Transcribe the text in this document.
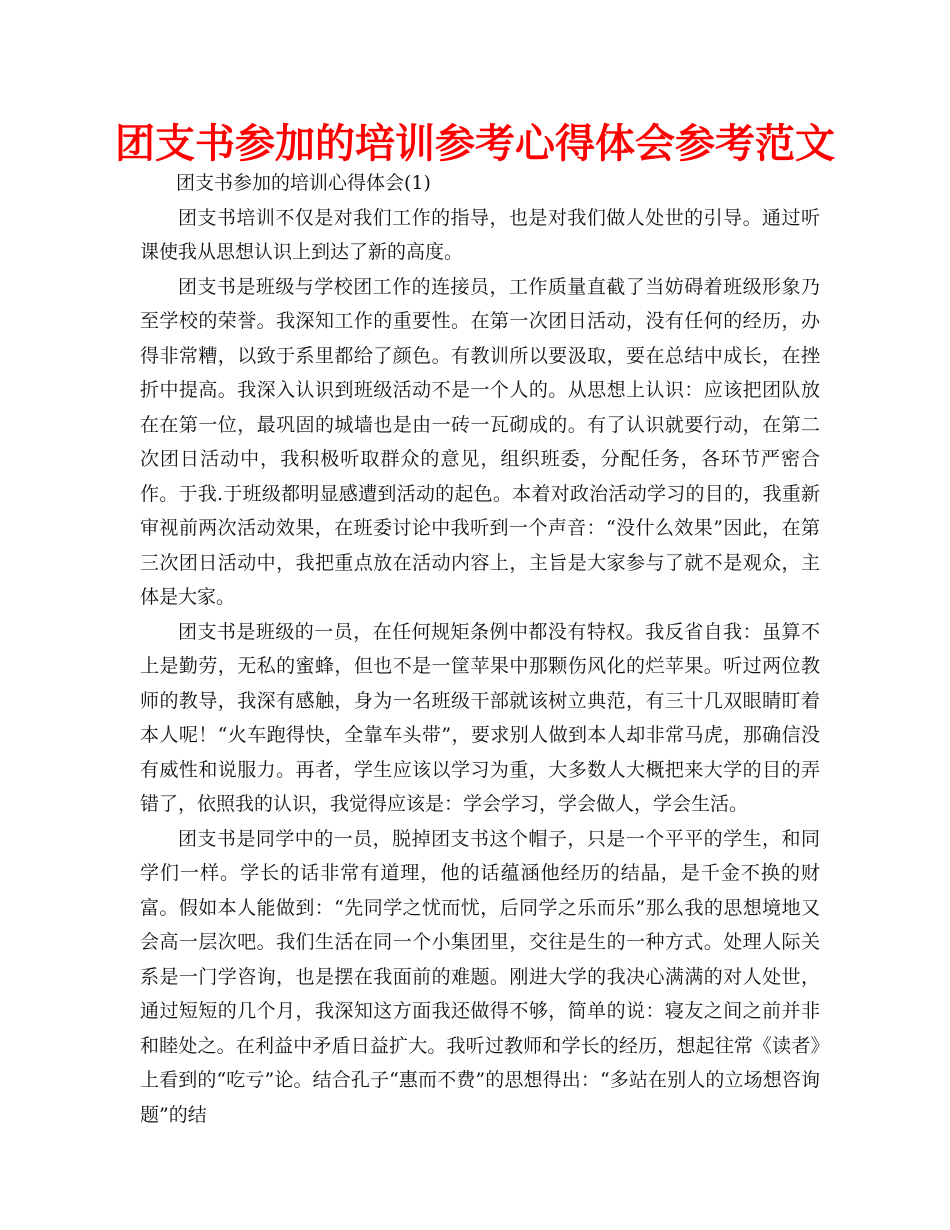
团支书参加的培训参考心得体会参考范文

团支书参加的培训心得体会(1)

团支书培训不仅是对我们工作的指导，也是对我们做人处世的引导。通过听课使我从思想认识上到达了新的高度。

团支书是班级与学校团工作的连接员，工作质量直截了当妨碍着班级形象乃至学校的荣誉。我深知工作的重要性。在第一次团日活动，没有任何的经历，办得非常糟，以致于系里都给了颜色。有教训所以要汲取，要在总结中成长，在挫折中提高。我深入认识到班级活动不是一个人的。从思想上认识：应该把团队放在在第一位，最巩固的城墙也是由一砖一瓦砌成的。有了认识就要行动，在第二次团日活动中，我积极听取群众的意见，组织班委，分配任务，各环节严密合作。于我.于班级都明显感遭到活动的起色。本着对政治活动学习的目的，我重新审视前两次活动效果，在班委讨论中我听到一个声音：“没什么效果”因此，在第三次团日活动中，我把重点放在活动内容上，主旨是大家参与了就不是观众，主体是大家。

团支书是班级的一员，在任何规矩条例中都没有特权。我反省自我：虽算不上是勤劳，无私的蜜蜂，但也不是一筐苹果中那颗伤风化的烂苹果。听过两位教师的教导，我深有感触，身为一名班级干部就该树立典范，有三十几双眼睛盯着本人呢！“火车跑得快，全靠车头带”，要求别人做到本人却非常马虎，那确信没有威性和说服力。再者，学生应该以学习为重，大多数人大概把来大学的目的弄错了，依照我的认识，我觉得应该是：学会学习，学会做人，学会生活。

团支书是同学中的一员，脱掉团支书这个帽子，只是一个平平的学生，和同学们一样。学长的话非常有道理，他的话蕴涵他经历的结晶，是千金不换的财富。假如本人能做到：“先同学之忧而忧，后同学之乐而乐”那么我的思想境地又会高一层次吧。我们生活在同一个小集团里，交往是生的一种方式。处理人际关系是一门学咨询，也是摆在我面前的难题。刚进大学的我决心满满的对人处世，通过短短的几个月，我深知这方面我还做得不够，简单的说：寝友之间之前并非和睦处之。在利益中矛盾日益扩大。我听过教师和学长的经历，想起往常《读者》上看到的“吃亏”论。结合孔子“惠而不费”的思想得出：“多站在别人的立场想咨询题”的结
